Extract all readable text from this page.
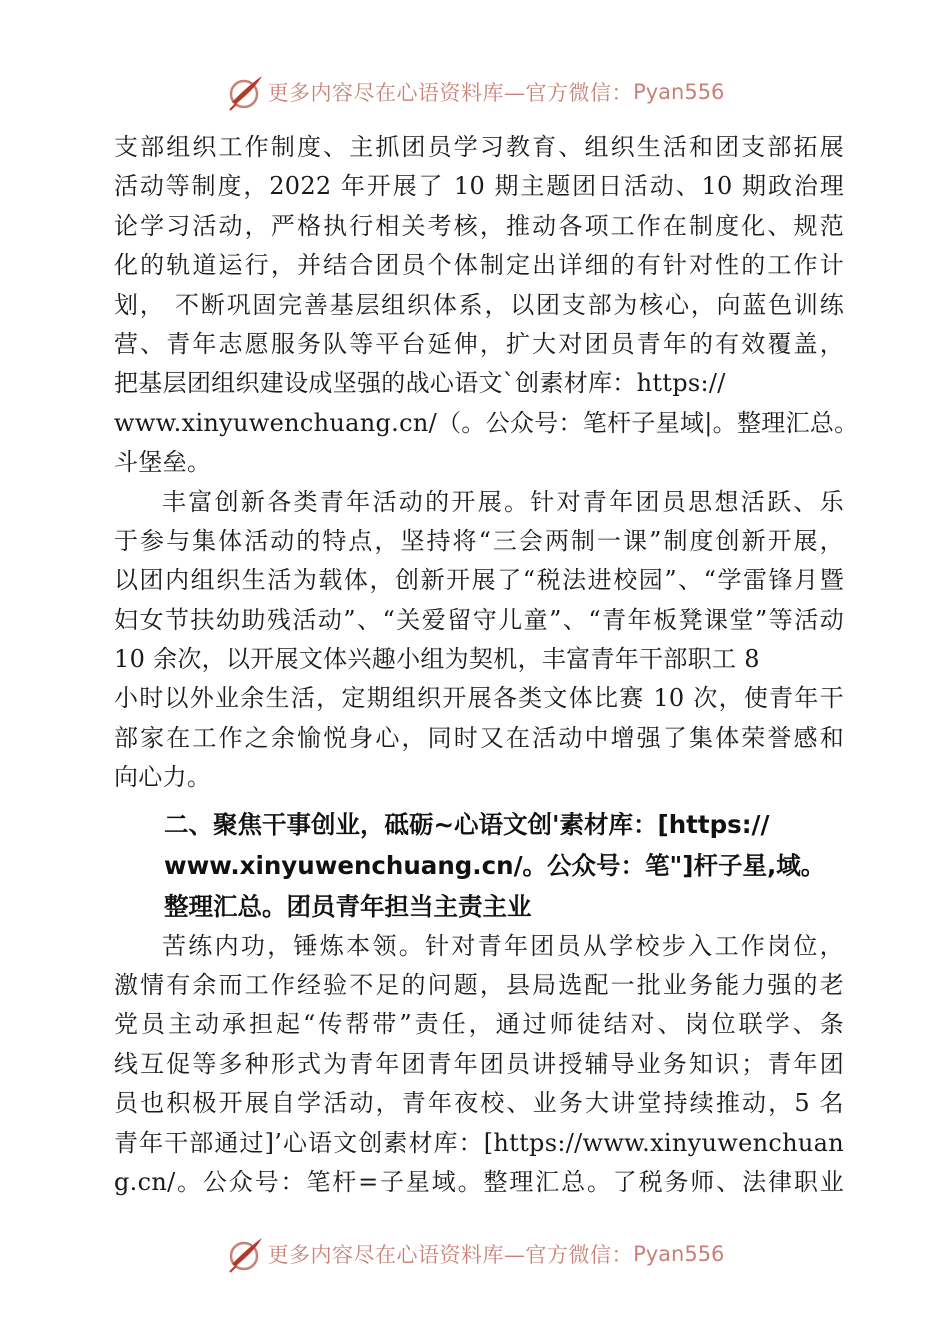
更多内容尽在心语资料库—官方微信： Pyan556
支部组织工作制度、主抓团员学习教育、组织生活和团支部拓展
活动等制度，2022 年开展了 10 期主题团日活动、10 期政治理
论学习活动，严格执行相关考核，推动各项工作在制度化、规范
化的轨道运行，并结合团员个体制定出详细的有针对性的工作计
划， 不断巩固完善基层组织体系，以团支部为核心，向蓝色训练
营、青年志愿服务队等平台延伸，扩大对团员青年的有效覆盖，
把基层团组织建设成坚强的战心语文`创素材库：https://
www.xinyuwenchuang.cn/（。公众号：笔杆子星域|。整理汇总。
斗堡垒。
丰富创新各类青年活动的开展。针对青年团员思想活跃、乐
于参与集体活动的特点，坚持将“三会两制一课”制度创新开展，
以团内组织生活为载体，创新开展了“税法进校园”、“学雷锋月暨
妇女节扶幼助残活动”、“关爱留守儿童”、“青年板凳课堂”等活动
10 余次，以开展文体兴趣小组为契机，丰富青年干部职工 8
小时以外业余生活，定期组织开展各类文体比赛 10 次，使青年干
部家在工作之余愉悦身心，同时又在活动中增强了集体荣誉感和
向心力。
二、聚焦干事创业，砥砺~心语文创'素材库：[https://
www.xinyuwenchuang.cn/。公众号：笔"]杆子星,域。
整理汇总。团员青年担当主责主业
苦练内功，锤炼本领。针对青年团员从学校步入工作岗位，
激情有余而工作经验不足的问题，县局选配一批业务能力强的老
党员主动承担起“传帮带”责任，通过师徒结对、岗位联学、条
线互促等多种形式为青年团青年团员讲授辅导业务知识；青年团
员也积极开展自学活动，青年夜校、业务大讲堂持续推动，5 名
青年干部通过]’心语文创素材库：[https://www.xinyuwenchuan
g.cn/。公众号：笔杆=子星域。整理汇总。了税务师、法律职业
更多内容尽在心语资料库—官方微信： Pyan556
